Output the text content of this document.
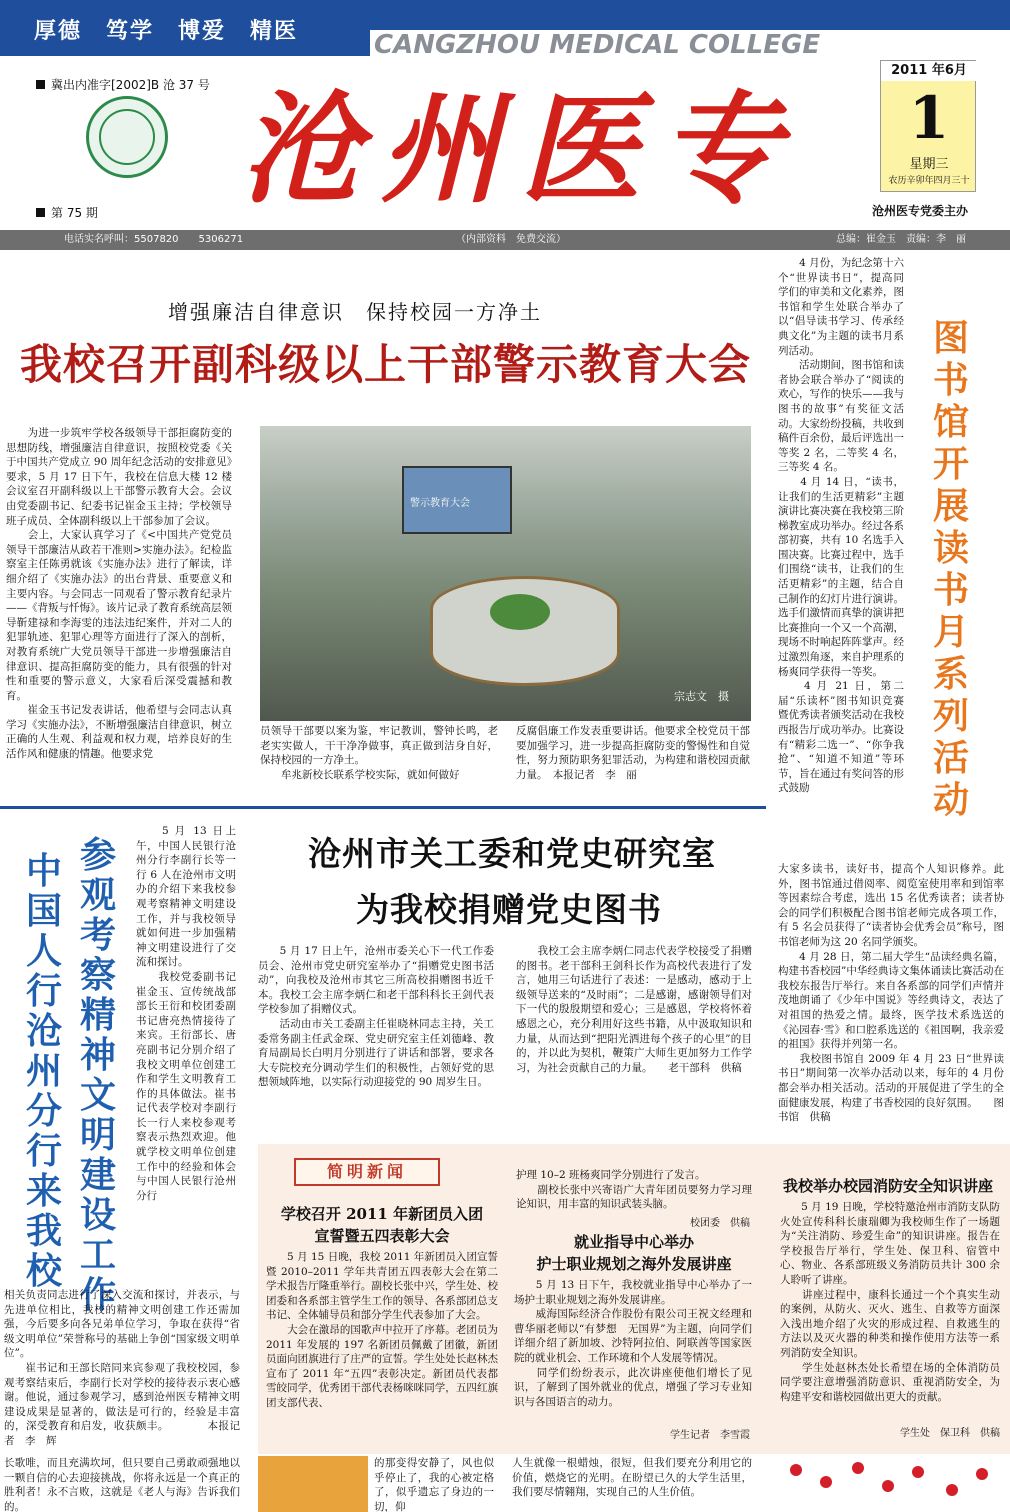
厚德　笃学　博爱　精医	CANGZHOU MEDICAL COLLEGE
冀出内准字[2002]B 沧 37 号 沧州医专
第 75 期
2011 年6月
1
星期三
农历辛卯年四月三十
沧州医专党委主办
电话实名呼叫：5507820　　5306271	（内部资料　免费交流）	总编：崔金玉　责编：李　丽
增强廉洁自律意识　保持校园一方净土
我校召开副科级以上干部警示教育大会
　　为进一步筑牢学校各级领导干部拒腐防变的思想防线，增强廉洁自律意识，按照校党委《关于中国共产党成立 90 周年纪念活动的安排意见》要求，5 月 17 日下午，我校在信息大楼 12 楼会议室召开副科级以上干部警示教育大会。会议由党委副书记、纪委书记崔金玉主持；学校领导班子成员、全体副科级以上干部参加了会议。
　　会上，大家认真学习了《<中国共产党党员领导干部廉洁从政若干准则>实施办法》。纪检监察室主任陈勇就该《实施办法》进行了解读，详细介绍了《实施办法》的出台背景、重要意义和主要内容。与会同志一同观看了警示教育纪录片——《背叛与忏悔》。该片记录了教育系统高层领导靳建禄和李海雯的违法违纪案件，并对二人的犯罪轨迹、犯罪心理等方面进行了深入的剖析，对教育系统广大党员领导干部进一步增强廉洁自律意识、提高拒腐防变的能力，具有很强的针对性和重要的警示意义，大家看后深受震撼和教育。
　　崔金玉书记发表讲话，他希望与会同志认真学习《实施办法》，不断增强廉洁自律意识，树立正确的人生观、利益观和权力观，培养良好的生活作风和健康的情趣。他要求党
警示教育大会
宗志文　摄
员领导干部要以案为鉴，牢记教训，警钟长鸣，老老实实做人，干干净净做事，真正做到洁身自好，保持校园的一方净土。
　　牟兆新校长联系学校实际，就如何做好
反腐倡廉工作发表重要讲话。他要求全校党员干部要加强学习，进一步提高拒腐防变的警惕性和自觉性，努力预防职务犯罪活动，为构建和谐校园贡献力量。　本报记者　李　丽
　　4 月份，为纪念第十六个“世界读书日”，提高同学们的审美和文化素养，图书馆和学生处联合举办了以“倡导读书学习、传承经典文化”为主题的读书月系列活动。
　　活动期间，图书馆和读者协会联合举办了“阅读的欢心，写作的快乐——我与图书的故事”有奖征文活动。大家纷纷投稿，共收到稿件百余份，最后评选出一等奖 2 名，二等奖 4 名，三等奖 4 名。
　　4 月 14 日，“读书，让我们的生活更精彩”主题演讲比赛决赛在我校第三阶梯教室成功举办。经过各系部初赛，共有 10 名选手入围决赛。比赛过程中，选手们围绕“读书，让我们的生活更精彩”的主题，结合自己制作的幻灯片进行演讲。选手们激情而真挚的演讲把比赛推向一个又一个高潮，现场不时响起阵阵掌声。经过激烈角逐，来自护理系的杨爽同学获得一等奖。
　　4 月 21 日，第二届“乐读杯”图书知识竞赛暨优秀读者颁奖活动在我校西报告厅成功举办。比赛设有“精彩二选一”、“你争我抢”、“知道不知道”等环节，旨在通过有奖问答的形式鼓励
图书馆开展读书月系列活动
大家多读书，读好书，提高个人知识修养。此外，图书馆通过借阅率、阅览室使用率和到馆率等因素综合考虑，选出 15 名优秀读者；读者协会的同学们积极配合图书馆老师完成各项工作，有 5 名会员获得了“读者协会优秀会员”称号，图书馆老师为这 20 名同学颁奖。
　　4 月 28 日，第二届大学生“品读经典名篇，构建书香校园”中华经典诗文集体诵读比赛活动在我校东报告厅举行。来自各系部的同学们声情并茂地朗诵了《少年中国说》等经典诗文，表达了对祖国的热爱之情。最终，医学技术系选送的《沁园春·雪》和口腔系选送的《祖国啊，我亲爱的祖国》获得并列第一名。
　　我校图书馆自 2009 年 4 月 23 日“世界读书日”期间第一次举办活动以来，每年的 4 月份都会举办相关活动。活动的开展促进了学生的全面健康发展，构建了书香校园的良好氛围。　　图书馆　供稿
参观考察精神文明建设工作
中国人行沧州分行来我校
　　5 月 13 日上午，中国人民银行沧州分行李副行长等一行 6 人在沧州市文明办的介绍下来我校参观考察精神文明建设工作，并与我校领导就如何进一步加强精神文明建设进行了交流和探讨。
　　我校党委副书记崔金玉、宣传统战部部长王衍和校团委副书记唐亮热情接待了来宾。王衍部长、唐亮副书记分别介绍了我校文明单位创建工作和学生文明教育工作的具体做法。崔书记代表学校对李副行长一行人来校参观考察表示热烈欢迎。他就学校文明单位创建工作中的经验和体会与中国人民银行沧州分行
相关负责同志进行了深入交流和探讨，并表示，与先进单位相比，我校的精神文明创建工作还需加强，今后要多向各兄弟单位学习，争取在获得“省级文明单位”荣誉称号的基础上争创“国家级文明单位”。
　　崔书记和王部长陪同来宾参观了我校校园，参观考察结束后，李副行长对学校的接待表示衷心感谢。他说，通过参观学习，感到沧州医专精神文明建设成果是显著的，做法是可行的，经验是丰富的，深受教育和启发，收获颇丰。　　　　本报记者　李　辉
沧州市关工委和党史研究室
为我校捐赠党史图书
　　5 月 17 日上午，沧州市委关心下一代工作委员会、沧州市党史研究室举办了“捐赠党史图书活动”，向我校及沧州市其它三所高校捐赠图书近千本。我校工会主席李炳仁和老干部科科长王剑代表学校参加了捐赠仪式。
　　活动由市关工委副主任崔晓林同志主持，关工委常务副主任武金琛、党史研究室主任刘德峰、教育局副局长白明月分别进行了讲话和部署，要求各大专院校充分调动学生们的积极性，占领好党的思想领域阵地，以实际行动迎接党的 90 周岁生日。
　　我校工会主席李炳仁同志代表学校接受了捐赠的图书。老干部科王剑科长作为高校代表进行了发言，她用三句话进行了表述：一是感动，感动于上级领导送来的“及时雨”；二是感谢，感谢领导们对下一代的殷殷期望和爱心；三是感恩，学校将怀着感恩之心，充分利用好这些书籍，从中汲取知识和力量，从而达到“把阳光洒进每个孩子的心里”的目的，并以此为契机，鞭策广大师生更加努力工作学习，为社会贡献自己的力量。　　老干部科　供稿
简明新闻
学校召开 2011 年新团员入团
宣誓暨五四表彰大会
　　5 月 15 日晚，我校 2011 年新团员入团宣誓暨 2010–2011 学年共青团五四表彰大会在第二学术报告厅隆重举行。副校长张中兴，学生处、校团委和各系部主管学生工作的领导、各系部团总支书记、全体辅导员和部分学生代表参加了大会。
　　大会在激昂的国歌声中拉开了序幕。老团员为 2011 年发展的 197 名新团员佩戴了团徽，新团员面向团旗进行了庄严的宣誓。学生处处长赵林杰宣布了 2011 年“五四”表彰决定。新团员代表都雪皎同学，优秀团干部代表杨咪咪同学，五四红旗团支部代表、
护理 10–2 班杨爽同学分别进行了发言。
　　副校长张中兴寄语广大青年团员要努力学习理论知识，用丰富的知识武装头脑。
校团委　供稿
就业指导中心举办
护士职业规划之海外发展讲座
　　5 月 13 日下午，我校就业指导中心举办了一场护士职业规划之海外发展讲座。
　　威海国际经济合作股份有限公司王祝文经理和曹华丽老师以“有梦想　无国界”为主题，向同学们详细介绍了新加坡、沙特阿拉伯、阿联酋等国家医院的就业机会、工作环境和个人发展等情况。
　　同学们纷纷表示，此次讲座使他们增长了见识，了解到了国外就业的优点，增强了学习专业知识与各国语言的动力。
学生记者　李雪霞
我校举办校园消防安全知识讲座
　　5 月 19 日晚，学校特邀沧州市消防支队防火处宣传科科长康瑞卿为我校师生作了一场题为“关注消防、珍爱生命”的知识讲座。报告在学校报告厅举行，学生处、保卫科、宿管中心、物业、各系部班级义务消防员共计 300 余人聆听了讲座。
　　讲座过程中，康科长通过一个个真实生动的案例，从防火、灭火、逃生、自救等方面深入浅出地介绍了火灾的形成过程、自救逃生的方法以及灭火器的种类和操作使用方法等一系列消防安全知识。
　　学生处赵林杰处长希望在场的全体消防员同学要注意增强消防意识、重视消防安全，为构建平安和谐校园做出更大的贡献。
学生处　保卫科　供稿
长歌唯，而且充满坎坷，但只要自己勇敢顽强地以一颗自信的心去迎接挑战，你将永远是一个真正的胜利者！永不言败，这就是《老人与海》告诉我们的。
的那变得安静了，风也似乎停止了，我的心被定格了，似乎遗忘了身边的一切，仰
人生就像一根蜡烛，很短，但我们要充分利用它的价值，燃烧它的光明。在盼望已久的大学生活里，我们要尽情翱翔，实现自己的人生价值。
